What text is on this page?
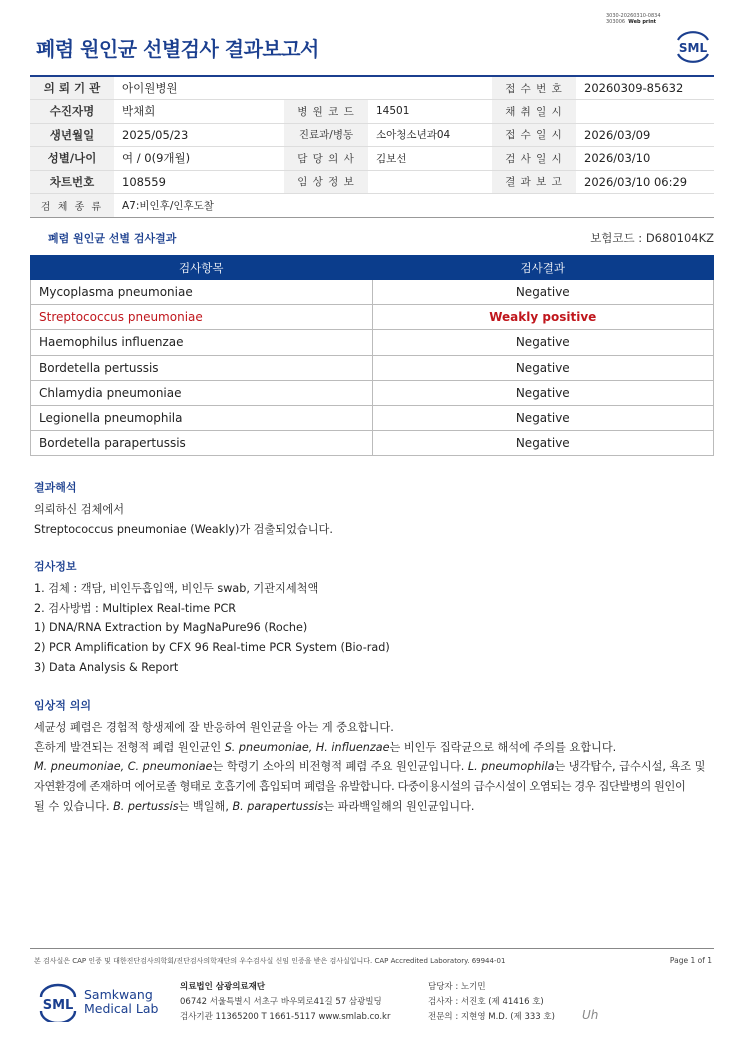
3030-20260310-0834
303006 Web print
폐렴 원인균 선별검사 결과보고서	SML
의 뢰 기 관	아이원병원			접 수 번 호	20260309-85632
수진자명	박채희	병 원 코 드	14501	채 취 일 시	
생년월일	2025/05/23	진료과/병동	소아청소년과04	접 수 일 시	2026/03/09
성별/나이	여 / 0(9개월)	담 당 의 사	김보선	검 사 일 시	2026/03/10
차트번호	108559	임 상 정 보		결 과 보 고	2026/03/10 06:29
검 체 종 류	A7:비인후/인후도찰				
폐렴 원인균 선별 검사결과	보험코드 : D680104KZ
검사항목	검사결과
Mycoplasma pneumoniae	Negative
Streptococcus pneumoniae	Weakly positive
Haemophilus influenzae	Negative
Bordetella pertussis	Negative
Chlamydia pneumoniae	Negative
Legionella pneumophila	Negative
Bordetella parapertussis	Negative
결과해석
의뢰하신 검체에서
Streptococcus pneumoniae (Weakly)가 검출되었습니다.
검사정보
1. 검체 : 객담, 비인두흡입액, 비인두 swab, 기관지세척액
2. 검사방법 : Multiplex Real-time PCR
1) DNA/RNA Extraction by MagNaPure96 (Roche)
2) PCR Amplification by CFX 96 Real-time PCR System (Bio-rad)
3) Data Analysis & Report
임상적 의의
세균성 폐렴은 경험적 항생제에 잘 반응하여 원인균을 아는 게 중요합니다.
흔하게 발견되는 전형적 폐렴 원인균인 S. pneumoniae, H. influenzae는 비인두 집락균으로 해석에 주의를 요합니다.
M. pneumoniae, C. pneumoniae는 학령기 소아의 비전형적 폐렴 주요 원인균입니다. L. pneumophila는 냉각탑수, 급수시설, 욕조 및
자연환경에 존재하며 에어로졸 형태로 호흡기에 흡입되며 폐렴을 유발합니다. 다중이용시설의 급수시설이 오염되는 경우 집단발병의 원인이
될 수 있습니다. B. pertussis는 백일해, B. parapertussis는 파라백일해의 원인균입니다.
본 검사실은 CAP 인증 및 대한진단검사의학회/진단검사의학재단의 우수검사실 신임 인증을 받은 검사실입니다. CAP Accredited Laboratory. 69944-01	Page 1 of 1
SML
Samkwang
Medical Lab
의료법인 삼광의료재단
06742 서울특별시 서초구 바우뫼로41길 57 삼광빌딩
검사기관 11365200 T 1661-5117 www.smlab.co.kr
담당자 : 노기민
검사자 : 서진호 (제 41416 호)
전문의 : 지현영 M.D. (제 333 호) Uh
